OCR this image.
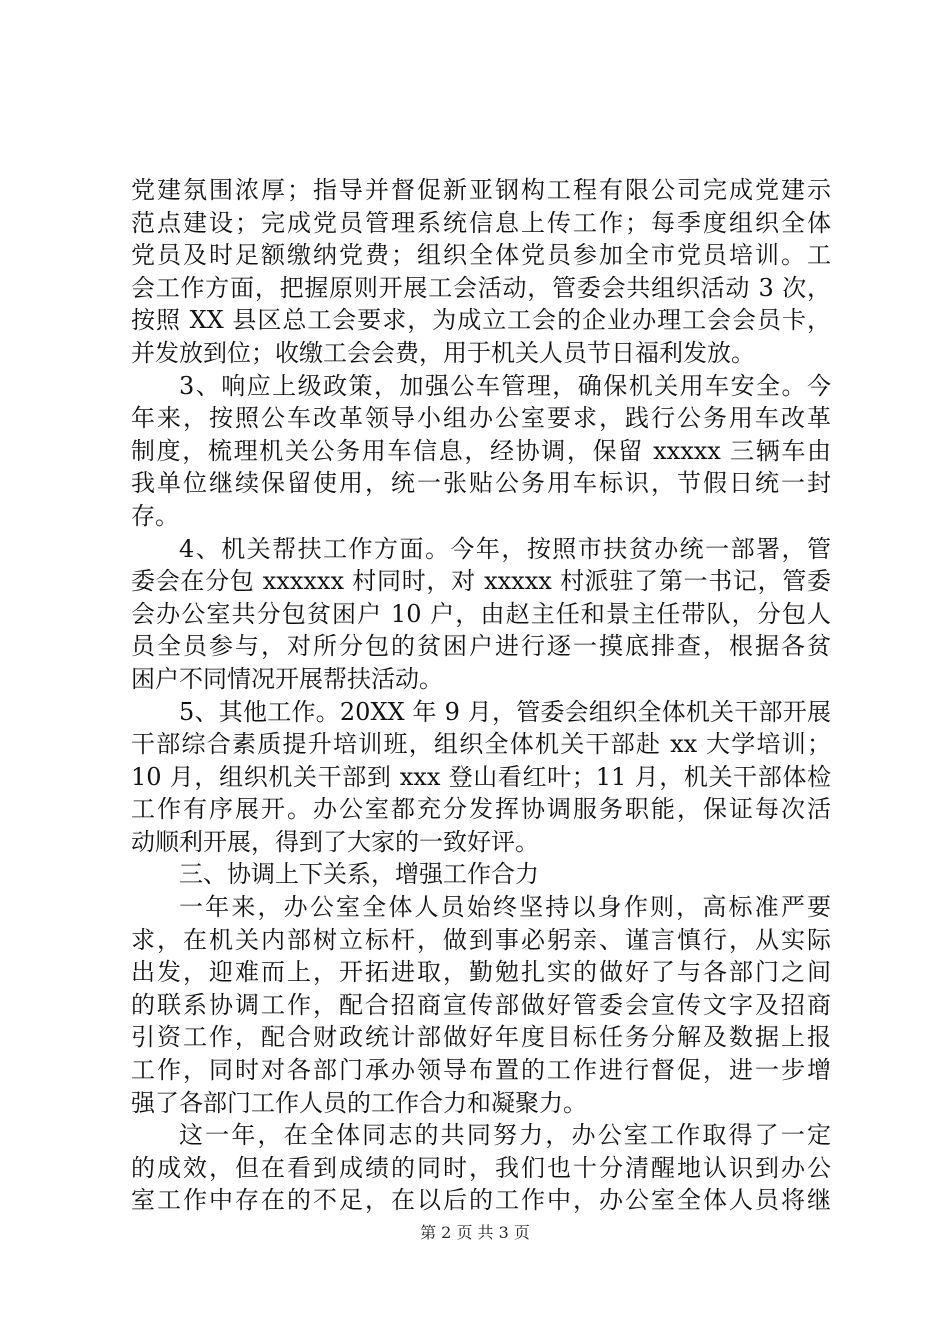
党建氛围浓厚；指导并督促新亚钢构工程有限公司完成党建示
范点建设；完成党员管理系统信息上传工作；每季度组织全体
党员及时足额缴纳党费；组织全体党员参加全市党员培训。工
会工作方面，把握原则开展工会活动，管委会共组织活动 3 次，
按照 XX 县区总工会要求，为成立工会的企业办理工会会员卡，
并发放到位；收缴工会会费，用于机关人员节日福利发放。
3、响应上级政策，加强公车管理，确保机关用车安全。今
年来，按照公车改革领导小组办公室要求，践行公务用车改革
制度，梳理机关公务用车信息，经协调，保留 xxxxx 三辆车由
我单位继续保留使用，统一张贴公务用车标识，节假日统一封
存。
4、机关帮扶工作方面。今年，按照市扶贫办统一部署，管
委会在分包 xxxxxx 村同时，对 xxxxx 村派驻了第一书记，管委
会办公室共分包贫困户 10 户，由赵主任和景主任带队，分包人
员全员参与，对所分包的贫困户进行逐一摸底排查，根据各贫
困户不同情况开展帮扶活动。
5、其他工作。20XX 年 9 月，管委会组织全体机关干部开展
干部综合素质提升培训班，组织全体机关干部赴 xx 大学培训；
10 月，组织机关干部到 xxx 登山看红叶；11 月，机关干部体检
工作有序展开。办公室都充分发挥协调服务职能，保证每次活
动顺利开展，得到了大家的一致好评。
三、协调上下关系，增强工作合力
一年来，办公室全体人员始终坚持以身作则，高标准严要
求，在机关内部树立标杆，做到事必躬亲、谨言慎行，从实际
出发，迎难而上，开拓进取，勤勉扎实的做好了与各部门之间
的联系协调工作，配合招商宣传部做好管委会宣传文字及招商
引资工作，配合财政统计部做好年度目标任务分解及数据上报
工作，同时对各部门承办领导布置的工作进行督促，进一步增
强了各部门工作人员的工作合力和凝聚力。
这一年，在全体同志的共同努力，办公室工作取得了一定
的成效，但在看到成绩的同时，我们也十分清醒地认识到办公
室工作中存在的不足，在以后的工作中，办公室全体人员将继
第 2 页 共 3 页
